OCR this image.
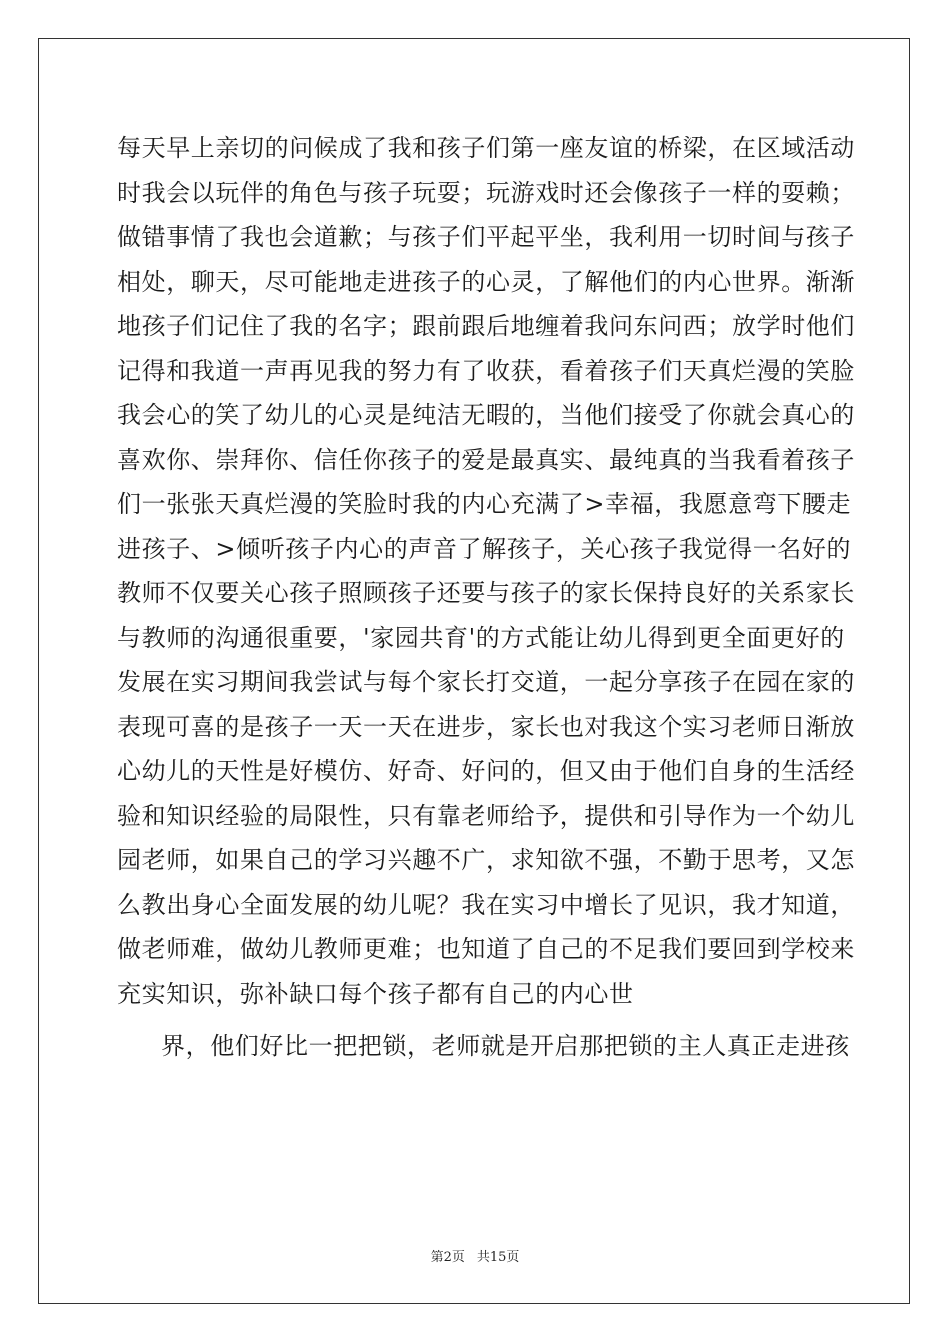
每天早上亲切的问候成了我和孩子们第一座友谊的桥梁，在区域活动
时我会以玩伴的角色与孩子玩耍；玩游戏时还会像孩子一样的耍赖；
做错事情了我也会道歉；与孩子们平起平坐，我利用一切时间与孩子
相处，聊天，尽可能地走进孩子的心灵，了解他们的内心世界。渐渐
地孩子们记住了我的名字；跟前跟后地缠着我问东问西；放学时他们
记得和我道一声再见我的努力有了收获，看着孩子们天真烂漫的笑脸
我会心的笑了幼儿的心灵是纯洁无暇的，当他们接受了你就会真心的
喜欢你、崇拜你、信任你孩子的爱是最真实、最纯真的当我看着孩子
们一张张天真烂漫的笑脸时我的内心充满了>幸福，我愿意弯下腰走
进孩子、>倾听孩子内心的声音了解孩子，关心孩子我觉得一名好的
教师不仅要关心孩子照顾孩子还要与孩子的家长保持良好的关系家长
与教师的沟通很重要，'家园共育'的方式能让幼儿得到更全面更好的
发展在实习期间我尝试与每个家长打交道，一起分享孩子在园在家的
表现可喜的是孩子一天一天在进步，家长也对我这个实习老师日渐放
心幼儿的天性是好模仿、好奇、好问的，但又由于他们自身的生活经
验和知识经验的局限性，只有靠老师给予，提供和引导作为一个幼儿
园老师，如果自己的学习兴趣不广，求知欲不强，不勤于思考，又怎
么教出身心全面发展的幼儿呢？我在实习中增长了见识，我才知道，
做老师难，做幼儿教师更难；也知道了自己的不足我们要回到学校来
充实知识，弥补缺口每个孩子都有自己的内心世
界，他们好比一把把锁，老师就是开启那把锁的主人真正走进孩
第2页 共15页
